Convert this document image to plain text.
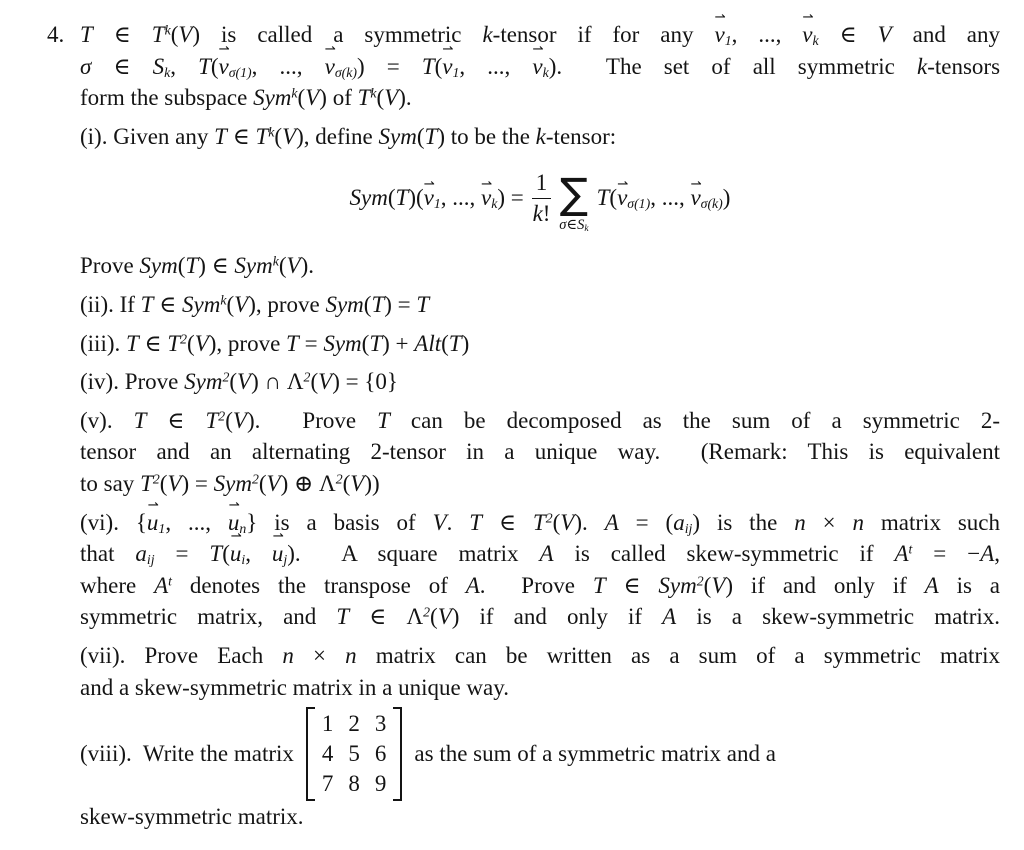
4. T ∈ $T^k(V)$ is called a symmetric k-tensor if for any v ⇀1, ..., v ⇀k ∈ V and any
σ ∈ Sk, T(v ⇀σ(1), ..., v ⇀σ(k)) = T(v ⇀1, ..., v ⇀k).  The set of all symmetric k-tensors
form the subspace Sym$^k$(V) of $T^k(V)$.
(i). Given any T ∈ $T^k(V)$, define Sym(T) to be the k-tensor:
Sym(T)(v ⇀1, ..., v ⇀k) = $\frac{1}{k!}$ ∑
σ∈Sk
T(v ⇀σ(1), ..., v ⇀σ(k))
Prove Sym(T) ∈ Sym$^k$(V).
(ii). If T ∈ Sym$^k$(V), prove Sym(T) = T
(iii). T ∈ $T^2(V)$, prove T = Sym(T) + Alt(T)
(iv). Prove Sym$^2$(V) ∩ $\Lambda^2(V) = \{0\}$
(v). T ∈ $T^2(V)$.  Prove T can be decomposed as the sum of a symmetric 2-
tensor and an alternating 2-tensor in a unique way.  (Remark: This is equivalent
to say $T^2(V) = Sym^2(V)$ ⊕ $\Lambda^2(V)$)
(vi). {u ⇀1, ..., u ⇀n} is a basis of V. T ∈ $T^2(V)$. A = (aij) is the n × n matrix such
that aij = T(u ⇀i, u ⇀j).  A square matrix A is called skew-symmetric if $A^t = -A$,
where $A^t$ denotes the transpose of A.  Prove T ∈ Sym$^2$(V) if and only if A is a
symmetric matrix, and T ∈ $\Lambda^2(V)$ if and only if A is a skew-symmetric matrix.
(vii). Prove Each n × n matrix can be written as a sum of a symmetric matrix
and a skew-symmetric matrix in a unique way.
(viii).  Write the matrix
1 2 3
4 5 6
7 8 9
as the sum of a symmetric matrix and a
skew-symmetric matrix.
